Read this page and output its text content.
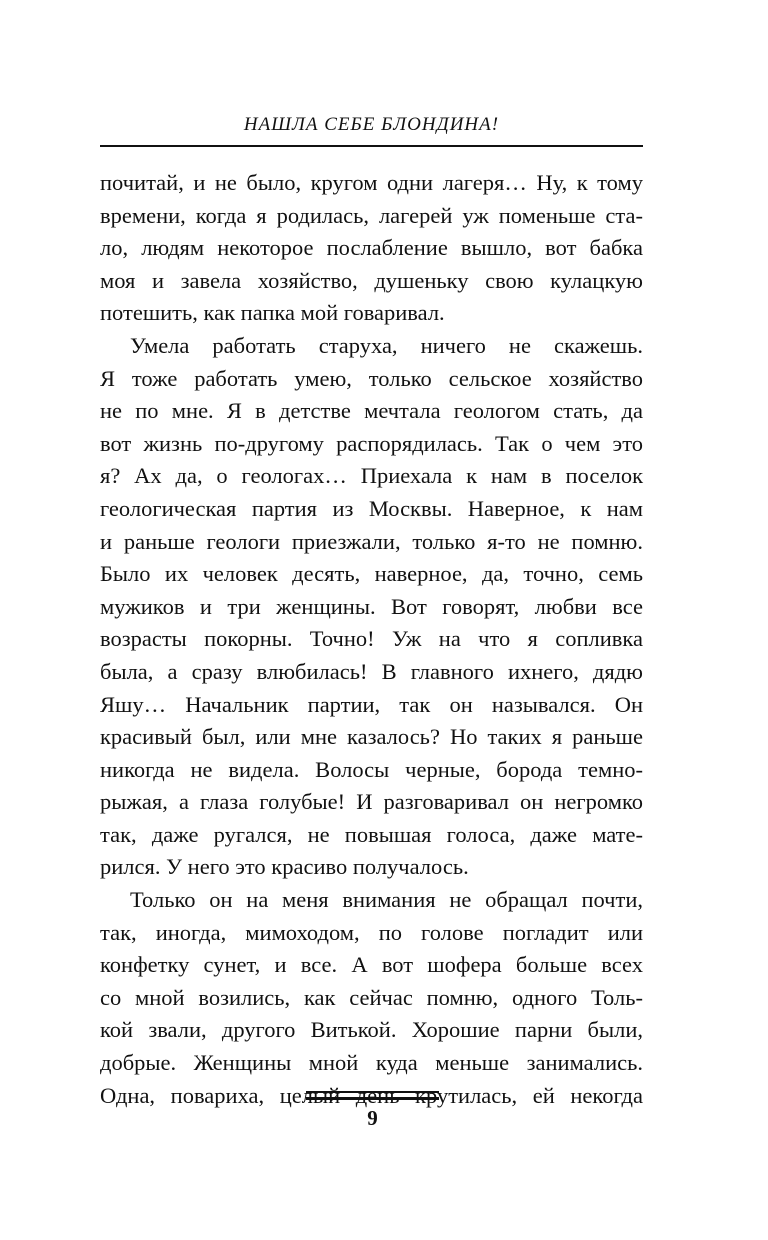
НАШЛА СЕБЕ БЛОНДИНА!
почитай, и не было, кругом одни лагеря… Ну, к тому
времени, когда я родилась, лагерей уж поменьше ста-
ло, людям некоторое послабление вышло, вот бабка
моя и завела хозяйство, душеньку свою кулацкую
потешить, как папка мой говаривал.
Умела работать старуха, ничего не скажешь.
Я тоже работать умею, только сельское хозяйство
не по мне. Я в детстве мечтала геологом стать, да
вот жизнь по-другому распорядилась. Так о чем это
я? Ах да, о геологах… Приехала к нам в поселок
геологическая партия из Москвы. Наверное, к нам
и раньше геологи приезжали, только я-то не помню.
Было их человек десять, наверное, да, точно, семь
мужиков и три женщины. Вот говорят, любви все
возрасты покорны. Точно! Уж на что я сопливка
была, а сразу влюбилась! В главного ихнего, дядю
Яшу… Начальник партии, так он назывался. Он
красивый был, или мне казалось? Но таких я раньше
никогда не видела. Волосы черные, борода темно-
рыжая, а глаза голубые! И разговаривал он негромко
так, даже ругался, не повышая голоса, даже мате-
рился. У него это красиво получалось.
Только он на меня внимания не обращал почти,
так, иногда, мимоходом, по голове погладит или
конфетку сунет, и все. А вот шофера больше всех
со мной возились, как сейчас помню, одного Толь-
кой звали, другого Витькой. Хорошие парни были,
добрые. Женщины мной куда меньше занимались.
Одна, повариха, целый день крутилась, ей некогда
9
